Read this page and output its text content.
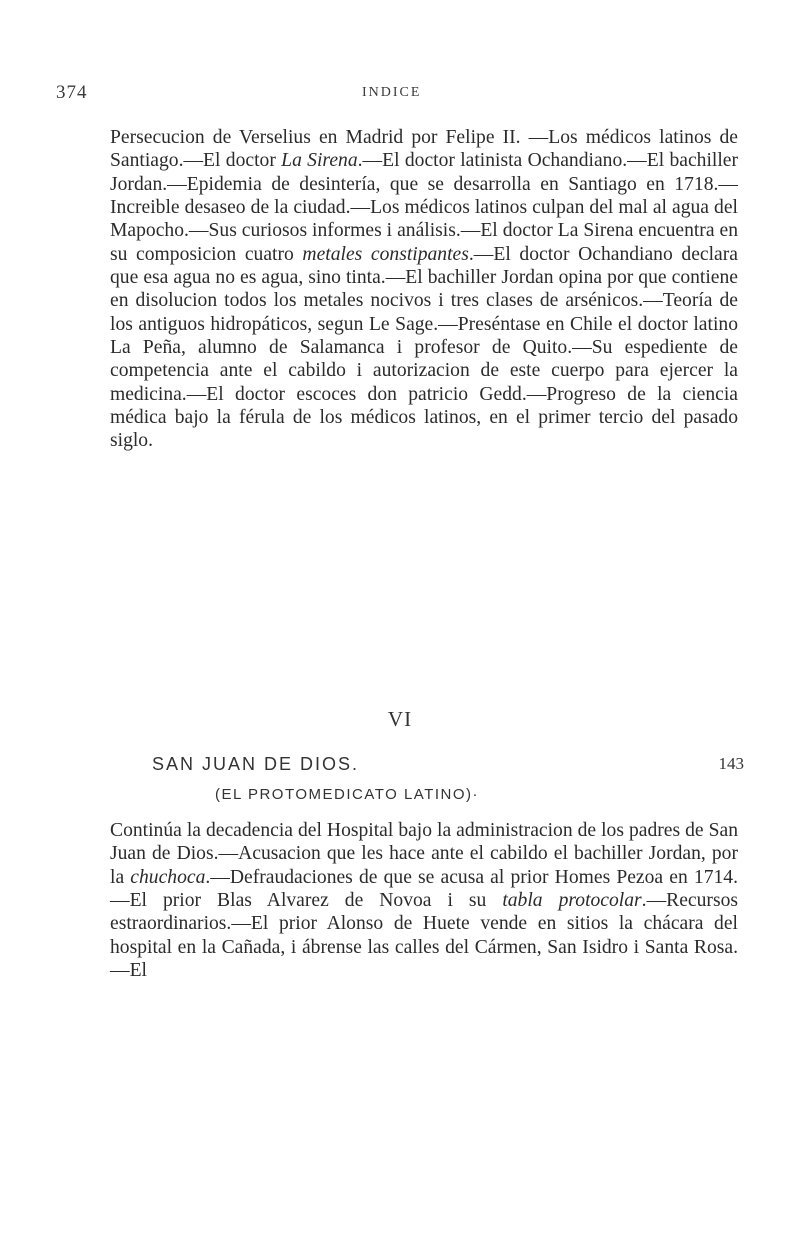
374	INDICE

Persecucion de Verselius en Madrid por Felipe II. —Los médicos latinos de Santiago.—El doctor La Sirena.—El doctor latinista Ochandiano.—El bachiller Jordan.—Epidemia de desintería, que se desarrolla en Santiago en 1718.—Increible desaseo de la ciudad.—Los médicos latinos culpan del mal al agua del Mapocho.—Sus curiosos informes i análisis.—El doctor La Sirena encuentra en su composicion cuatro metales constipantes.—El doctor Ochandiano declara que esa agua no es agua, sino tinta.—El bachiller Jordan opina por que contiene en disolucion todos los metales nocivos i tres clases de arsénicos.—Teoría de los antiguos hidropáticos, segun Le Sage.—Preséntase en Chile el doctor latino La Peña, alumno de Salamanca i profesor de Quito.—Su espediente de competencia ante el cabildo i autorizacion de este cuerpo para ejercer la medicina.—El doctor escoces don patricio Gedd.—Progreso de la ciencia médica bajo la férula de los médicos latinos, en el primer tercio del pasado siglo.

VI
SAN JUAN DE DIOS.	143
(EL PROTOMEDICATO LATINO)·

Continúa la decadencia del Hospital bajo la administracion de los padres de San Juan de Dios.—Acusacion que les hace ante el cabildo el bachiller Jordan, por la chuchoca.—Defraudaciones de que se acusa al prior Homes Pezoa en 1714.—El prior Blas Alvarez de Novoa i su tabla protocolar.—Recursos estraordinarios.—El prior Alonso de Huete vende en sitios la chácara del hospital en la Cañada, i ábrense las calles del Cármen, San Isidro i Santa Rosa.—El
